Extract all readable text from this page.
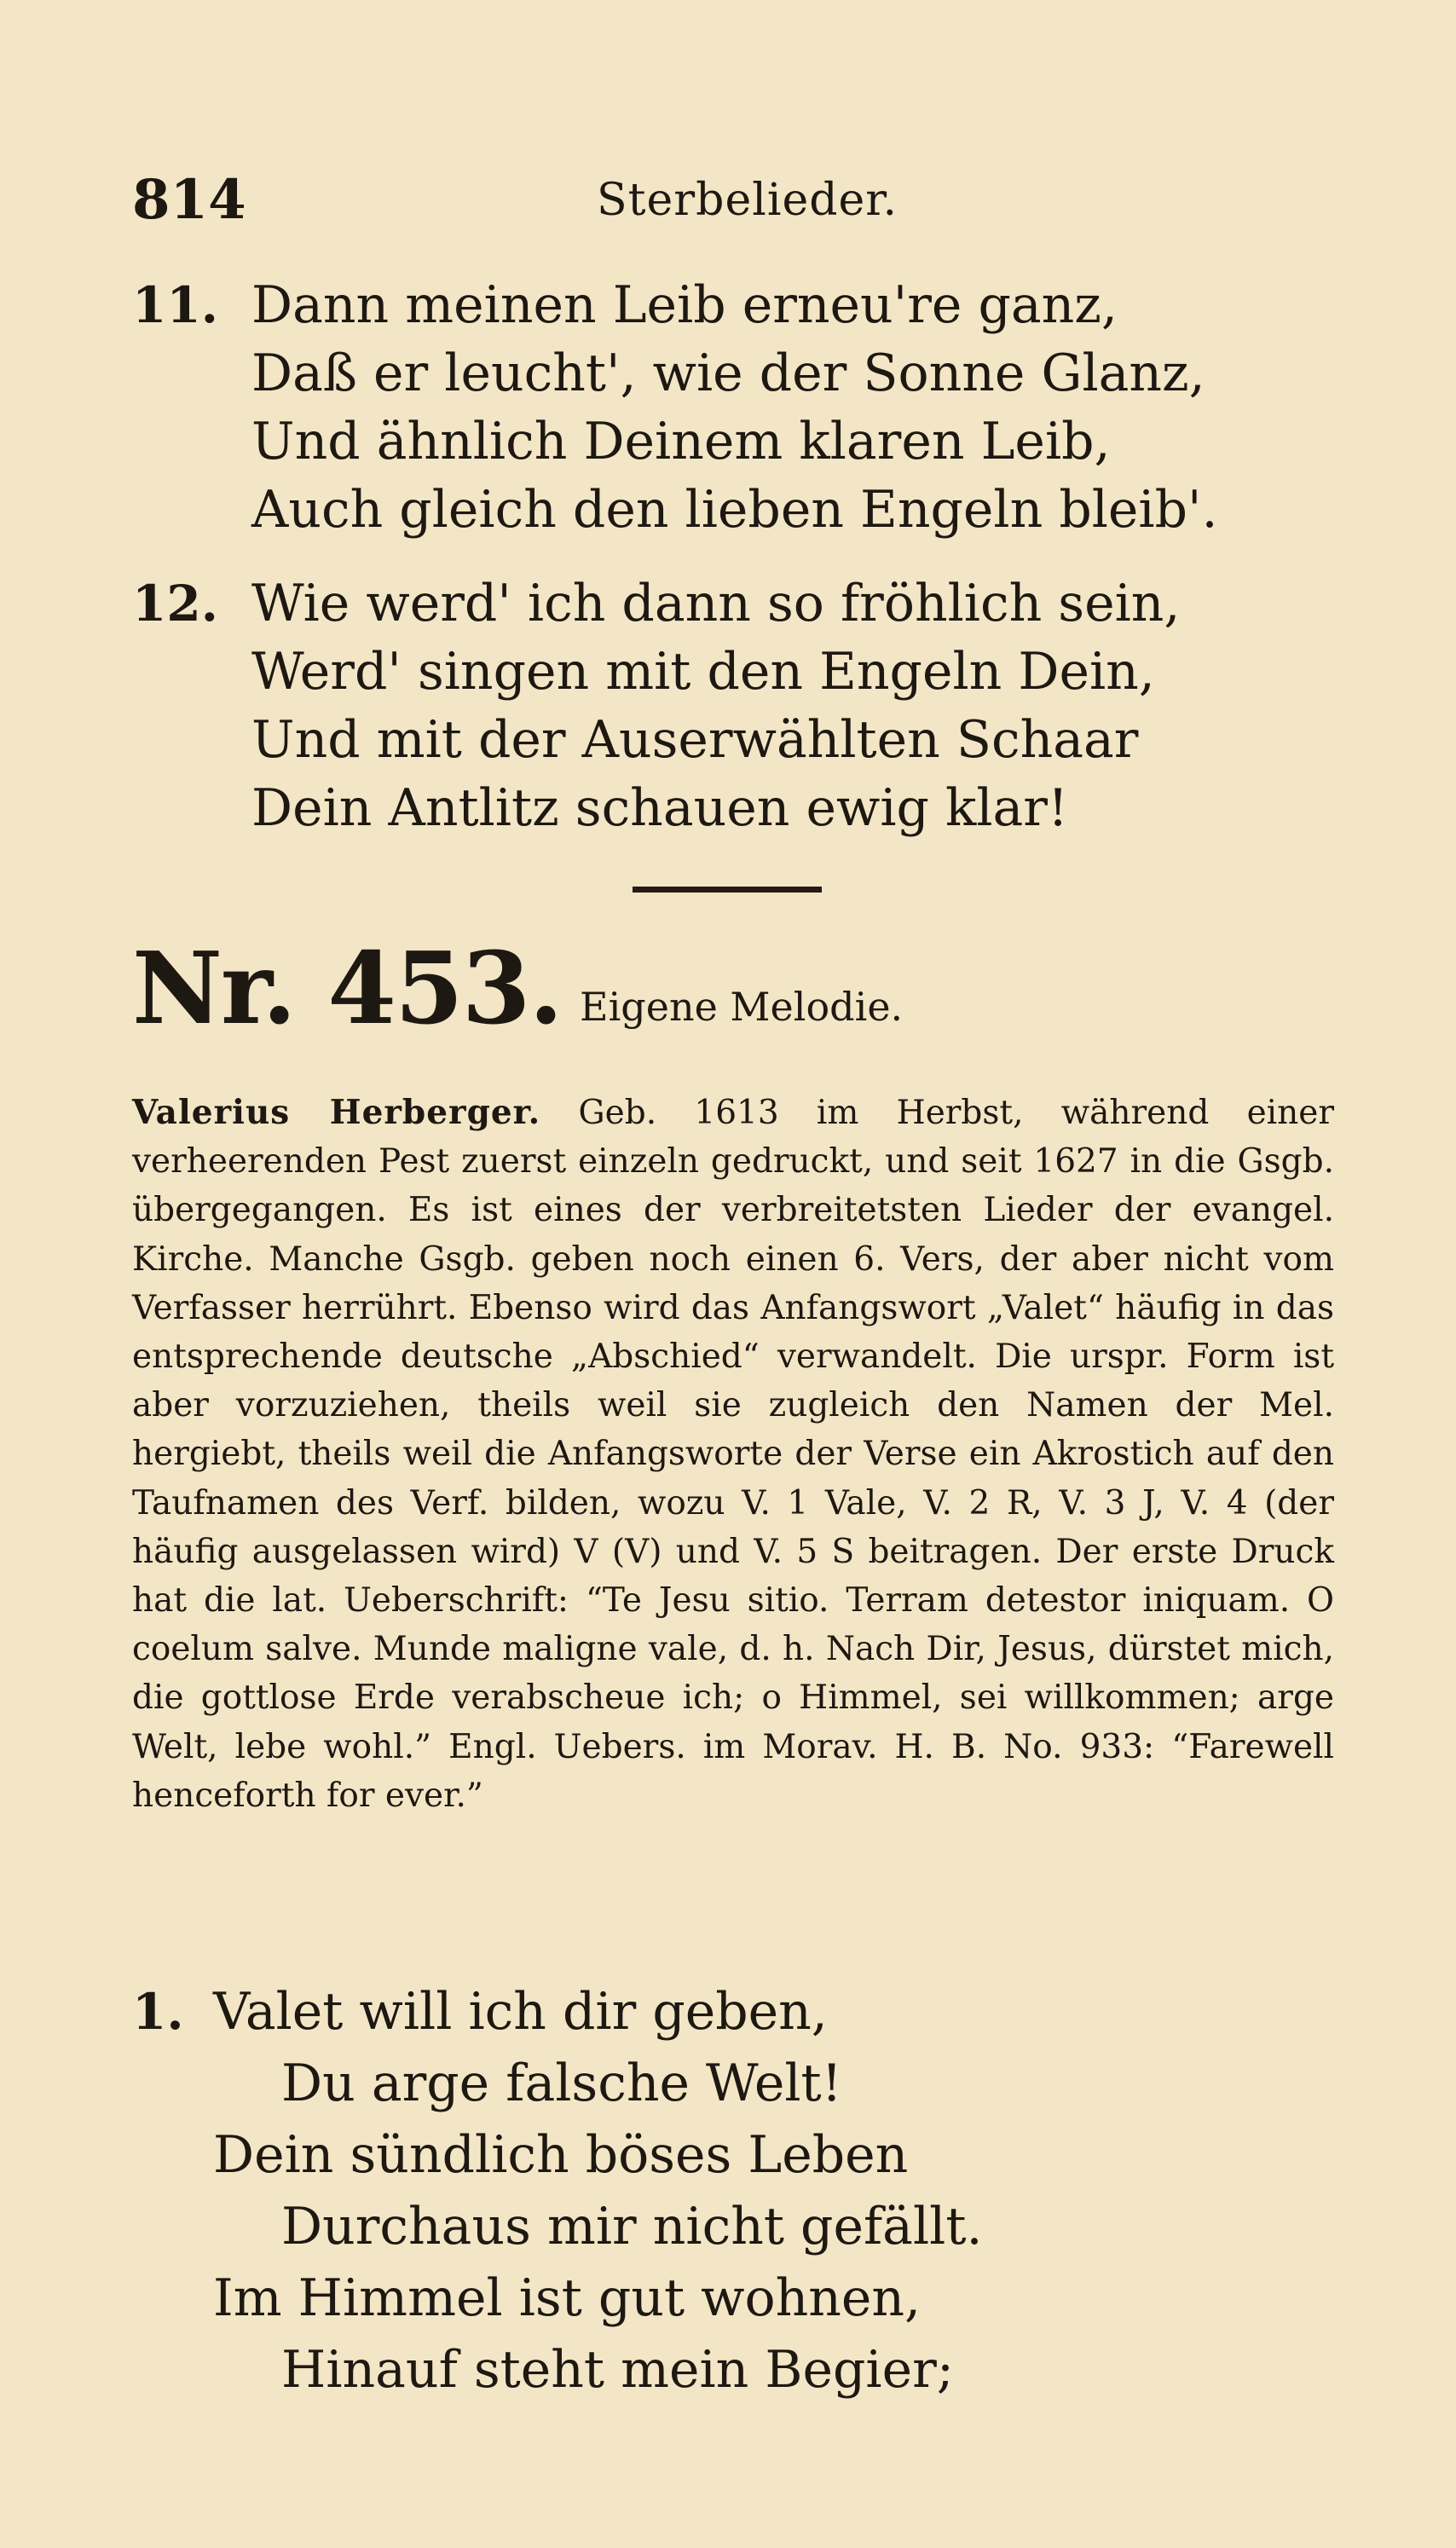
814	Sterbelieder.
11. Dann meinen Leib erneu're ganz,
Daß er leucht', wie der Sonne Glanz,
Und ähnlich Deinem klaren Leib,
Auch gleich den lieben Engeln bleib'.
12. Wie werd' ich dann so fröhlich sein,
Werd' singen mit den Engeln Dein,
Und mit der Auserwählten Schaar
Dein Antlitz schauen ewig klar!
Nr. 453. Eigene Melodie.

Valerius Herberger. Geb. 1613 im Herbst, während einer verheerenden Pest zuerst einzeln gedruckt, und seit 1627 in die Gsgb. übergegangen. Es ist eines der verbreitetsten Lieder der evangel. Kirche. Manche Gsgb. geben noch einen 6. Vers, der aber nicht vom Verfasser herrührt. Ebenso wird das Anfangswort „Valet“ häufig in das entsprechende deutsche „Abschied“ verwandelt. Die urspr. Form ist aber vorzuziehen, theils weil sie zugleich den Namen der Mel. hergiebt, theils weil die Anfangsworte der Verse ein Akrostich auf den Taufnamen des Verf. bilden, wozu V. 1 Vale, V. 2 R, V. 3 J, V. 4 (der häufig ausgelassen wird) V (V) und V. 5 S beitragen. Der erste Druck hat die lat. Ueberschrift: “Te Jesu sitio. Terram detestor iniquam. O coelum salve. Munde maligne vale, d. h. Nach Dir, Jesus, dürstet mich, die gottlose Erde verabscheue ich; o Himmel, sei willkommen; arge Welt, lebe wohl.” Engl. Uebers. im Morav. H. B. No. 933: “Farewell henceforth for ever.”

1. Valet will ich dir geben,
Du arge falsche Welt!
Dein sündlich böses Leben
Durchaus mir nicht gefällt.
Im Himmel ist gut wohnen,
Hinauf steht mein Begier;
